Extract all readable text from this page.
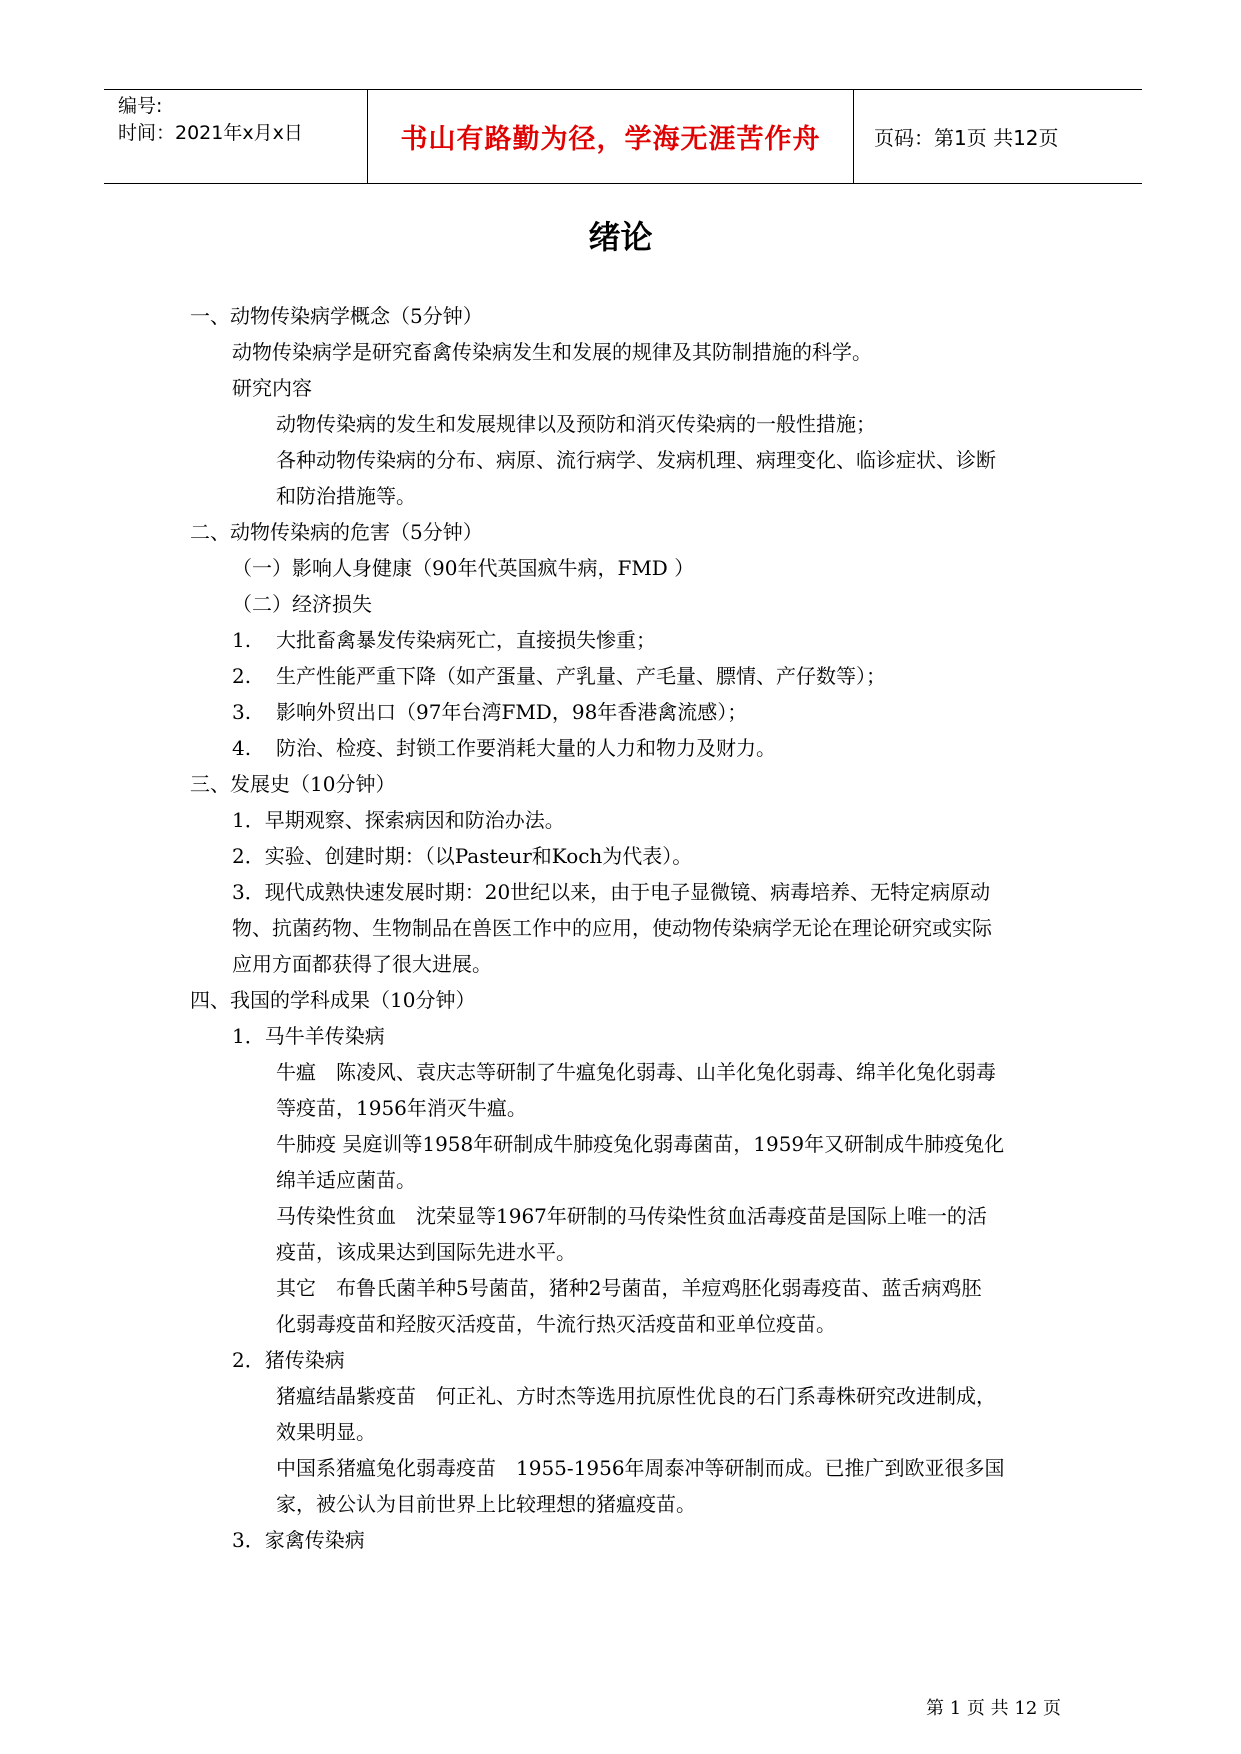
编号:
时间：2021年x月x日	书山有路勤为径，学海无涯苦作舟	页码：第1页 共12页
绪论
一、动物传染病学概念（5分钟）
动物传染病学是研究畜禽传染病发生和发展的规律及其防制措施的科学。
研究内容
动物传染病的发生和发展规律以及预防和消灭传染病的一般性措施；
各种动物传染病的分布、病原、流行病学、发病机理、病理变化、临诊症状、诊断
和防治措施等。
二、动物传染病的危害（5分钟）
（一）影响人身健康（90年代英国疯牛病，FMD ）
（二）经济损失
1. 大批畜禽暴发传染病死亡，直接损失惨重；
2. 生产性能严重下降（如产蛋量、产乳量、产毛量、膘情、产仔数等）；
3. 影响外贸出口（97年台湾FMD，98年香港禽流感）；
4. 防治、检疫、封锁工作要消耗大量的人力和物力及财力。
三、发展史（10分钟）
1．早期观察、探索病因和防治办法。
2．实验、创建时期：（以Pasteur和Koch为代表）。
3．现代成熟快速发展时期：20世纪以来，由于电子显微镜、病毒培养、无特定病原动
物、抗菌药物、生物制品在兽医工作中的应用，使动物传染病学无论在理论研究或实际
应用方面都获得了很大进展。
四、我国的学科成果（10分钟）
1．马牛羊传染病
牛瘟　陈凌风、袁庆志等研制了牛瘟兔化弱毒、山羊化兔化弱毒、绵羊化兔化弱毒
等疫苗，1956年消灭牛瘟。
牛肺疫 吴庭训等1958年研制成牛肺疫兔化弱毒菌苗，1959年又研制成牛肺疫兔化
绵羊适应菌苗。
马传染性贫血　沈荣显等1967年研制的马传染性贫血活毒疫苗是国际上唯一的活
疫苗，该成果达到国际先进水平。
其它　布鲁氏菌羊种5号菌苗，猪种2号菌苗，羊痘鸡胚化弱毒疫苗、蓝舌病鸡胚
化弱毒疫苗和羟胺灭活疫苗，牛流行热灭活疫苗和亚单位疫苗。
2．猪传染病
猪瘟结晶紫疫苗　何正礼、方时杰等选用抗原性优良的石门系毒株研究改进制成，
效果明显。
中国系猪瘟兔化弱毒疫苗　1955-1956年周泰冲等研制而成。已推广到欧亚很多国
家，被公认为目前世界上比较理想的猪瘟疫苗。
3．家禽传染病
第 1 页 共 12 页
